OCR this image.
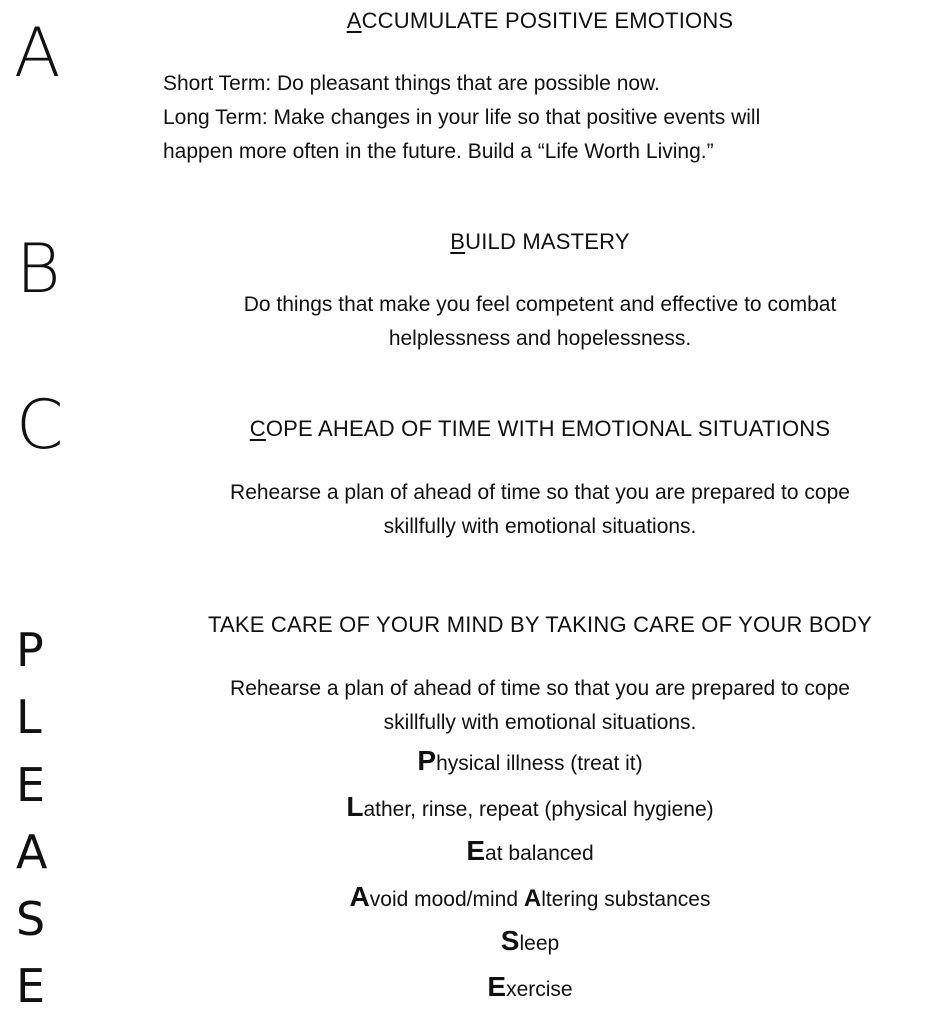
A	ACCUMULATE POSITIVE EMOTIONS
Short Term: Do pleasant things that are possible now.
Long Term: Make changes in your life so that positive events will
happen more often in the future. Build a “Life Worth Living.”
B	BUILD MASTERY
Do things that make you feel competent and effective to combat
helplessness and hopelessness.
C	COPE AHEAD OF TIME WITH EMOTIONAL SITUATIONS
Rehearse a plan of ahead of time so that you are prepared to cope
skillfully with emotional situations.
P
L
E
A
S
E
TAKE CARE OF YOUR MIND BY TAKING CARE OF YOUR BODY
Rehearse a plan of ahead of time so that you are prepared to cope
skillfully with emotional situations.
Physical illness (treat it)
Lather, rinse, repeat (physical hygiene)
Eat balanced
Avoid mood/mind Altering substances
Sleep
Exercise
